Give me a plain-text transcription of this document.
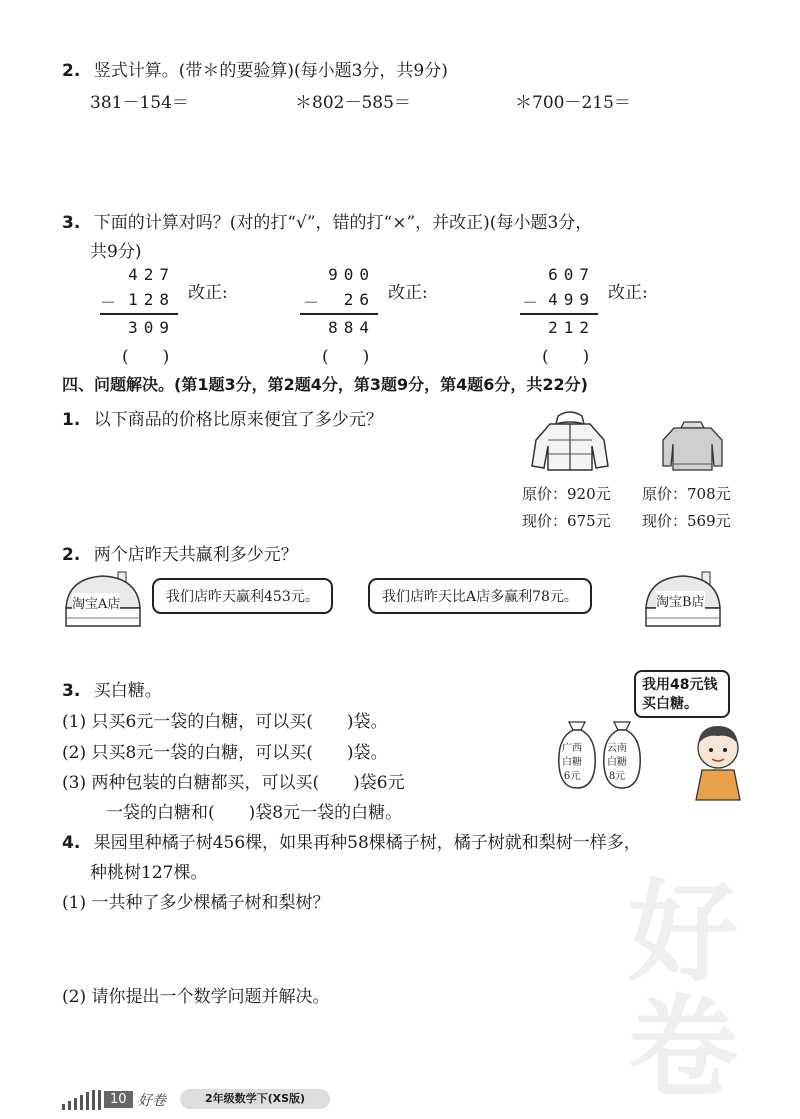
好
卷
2. 竖式计算。(带＊的要验算)(每小题3分，共9分)
381－154＝	＊802－585＝	＊700－215＝
3. 下面的计算对吗？(对的打“√”，错的打“×”，并改正)(每小题3分，
共9分)
427
－ 128
309
(　　)
改正:
900
－	26
884
(　　)
改正:
607
－ 499
212
(　　)
改正:
四、问题解决。(第1题3分，第2题4分，第3题9分，第4题6分，共22分)
1. 以下商品的价格比原来便宜了多少元？
原价：920元
现价：675元
原价：708元
现价：569元
2. 两个店昨天共赢利多少元？
淘宝A店	我们店昨天赢利453元。	我们店昨天比A店多赢利78元。	淘宝B店
3. 买白糖。
(1) 只买6元一袋的白糖，可以买(　　)袋。
(2) 只买8元一袋的白糖，可以买(　　)袋。
(3) 两种包装的白糖都买，可以买(　　)袋6元
一袋的白糖和(　　)袋8元一袋的白糖。
我用48元钱
买白糖。
广西
白糖
6元
云南
白糖
8元
4. 果园里种橘子树456棵，如果再种58棵橘子树，橘子树就和梨树一样多，
种桃树127棵。
(1) 一共种了多少棵橘子树和梨树？
(2) 请你提出一个数学问题并解决。
10 好卷	2年级数学下(XS版)
